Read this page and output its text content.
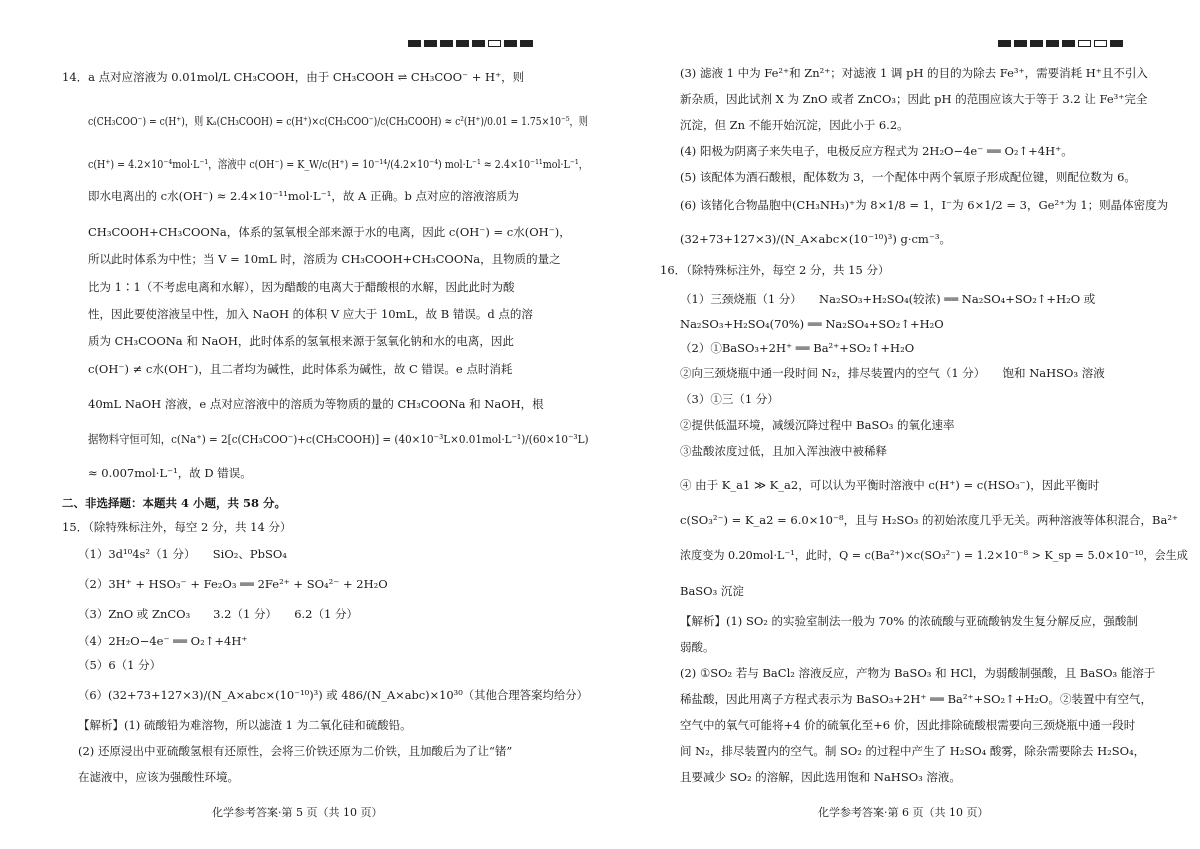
14．a 点对应溶液为 0.01mol/L CH₃COOH，由于 CH₃COOH ⇌ CH₃COO⁻ + H⁺，则
c(CH₃COO⁻) = c(H⁺)，则 Kₐ(CH₃COOH) = c(H⁺)×c(CH₃COO⁻)/c(CH₃COOH) ≈ c²(H⁺)/0.01 = 1.75×10⁻⁵，则
c(H⁺) = 4.2×10⁻⁴mol·L⁻¹，溶液中 c(OH⁻) = K_W/c(H⁺) = 10⁻¹⁴/(4.2×10⁻⁴) mol·L⁻¹ ≈ 2.4×10⁻¹¹mol·L⁻¹，
即水电离出的 c水(OH⁻) ≈ 2.4×10⁻¹¹mol·L⁻¹，故 A 正确。b 点对应的溶液溶质为
CH₃COOH+CH₃COONa，体系的氢氧根全部来源于水的电离，因此 c(OH⁻) = c水(OH⁻)，
所以此时体系为中性；当 V = 10mL 时，溶质为 CH₃COOH+CH₃COONa，且物质的量之
比为 1∶1（不考虑电离和水解），因为醋酸的电离大于醋酸根的水解，因此此时为酸
性，因此要使溶液呈中性，加入 NaOH 的体积 V 应大于 10mL，故 B 错误。d 点的溶
质为 CH₃COONa 和 NaOH，此时体系的氢氧根来源于氢氧化钠和水的电离，因此
c(OH⁻) ≠ c水(OH⁻)，且二者均为碱性，此时体系为碱性，故 C 错误。e 点时消耗
40mL NaOH 溶液，e 点对应溶液中的溶质为等物质的量的 CH₃COONa 和 NaOH，根
据物料守恒可知，c(Na⁺) = 2[c(CH₃COO⁻)+c(CH₃COOH)] = (40×10⁻³L×0.01mol·L⁻¹)/(60×10⁻³L)
≈ 0.007mol·L⁻¹，故 D 错误。
二、非选择题：本题共 4 小题，共 58 分。
15．（除特殊标注外，每空 2 分，共 14 分）
（1）3d¹⁰4s²（1 分）　　SiO₂、PbSO₄
（2）3H⁺ + HSO₃⁻ + Fe₂O₃ ══ 2Fe²⁺ + SO₄²⁻ + 2H₂O
（3）ZnO 或 ZnCO₃　　3.2（1 分）　　6.2（1 分）
（4）2H₂O−4e⁻ ══ O₂↑+4H⁺
（5）6（1 分）
（6）(32+73+127×3)/(N_A×abc×(10⁻¹⁰)³) 或 486/(N_A×abc)×10³⁰（其他合理答案均给分）
【解析】(1) 硫酸铅为难溶物，所以滤渣 1 为二氧化硅和硫酸铅。
(2) 还原浸出中亚硫酸氢根有还原性，会将三价铁还原为二价铁，且加酸后为了让“锗”
在滤液中，应该为强酸性环境。
化学参考答案·第 5 页（共 10 页）
(3) 滤液 1 中为 Fe²⁺和 Zn²⁺；对滤液 1 调 pH 的目的为除去 Fe³⁺，需要消耗 H⁺且不引入
新杂质，因此试剂 X 为 ZnO 或者 ZnCO₃；因此 pH 的范围应该大于等于 3.2 让 Fe³⁺完全
沉淀，但 Zn 不能开始沉淀，因此小于 6.2。
(4) 阳极为阴离子来失电子，电极反应方程式为 2H₂O−4e⁻ ══ O₂↑+4H⁺。
(5) 该配体为酒石酸根，配体数为 3，一个配体中两个氧原子形成配位键，则配位数为 6。
(6) 该锗化合物晶胞中(CH₃NH₃)⁺为 8×1/8 = 1，I⁻为 6×1/2 = 3，Ge²⁺为 1；则晶体密度为
(32+73+127×3)/(N_A×abc×(10⁻¹⁰)³) g·cm⁻³。
16．（除特殊标注外，每空 2 分，共 15 分）
（1）三颈烧瓶（1 分）　　Na₂SO₃+H₂SO₄(较浓) ══ Na₂SO₄+SO₂↑+H₂O 或
Na₂SO₃+H₂SO₄(70%) ══ Na₂SO₄+SO₂↑+H₂O
（2）①BaSO₃+2H⁺ ══ Ba²⁺+SO₂↑+H₂O
②向三颈烧瓶中通一段时间 N₂，排尽装置内的空气（1 分）　　饱和 NaHSO₃ 溶液
（3）①三（1 分）
②提供低温环境，减缓沉降过程中 BaSO₃ 的氧化速率
③盐酸浓度过低，且加入浑浊液中被稀释
④ 由于 K_a1 ≫ K_a2，可以认为平衡时溶液中 c(H⁺) = c(HSO₃⁻)，因此平衡时
c(SO₃²⁻) = K_a2 = 6.0×10⁻⁸，且与 H₂SO₃ 的初始浓度几乎无关。两种溶液等体积混合，Ba²⁺
浓度变为 0.20mol·L⁻¹，此时，Q = c(Ba²⁺)×c(SO₃²⁻) = 1.2×10⁻⁸ > K_sp = 5.0×10⁻¹⁰，会生成
BaSO₃ 沉淀
【解析】(1) SO₂ 的实验室制法一般为 70% 的浓硫酸与亚硫酸钠发生复分解反应，强酸制
弱酸。
(2) ①SO₂ 若与 BaCl₂ 溶液反应，产物为 BaSO₃ 和 HCl，为弱酸制强酸，且 BaSO₃ 能溶于
稀盐酸，因此用离子方程式表示为 BaSO₃+2H⁺ ══ Ba²⁺+SO₂↑+H₂O。②装置中有空气，
空气中的氧气可能将+4 价的硫氧化至+6 价，因此排除硫酸根需要向三颈烧瓶中通一段时
间 N₂，排尽装置内的空气。制 SO₂ 的过程中产生了 H₂SO₄ 酸雾，除杂需要除去 H₂SO₄，
且要减少 SO₂ 的溶解，因此选用饱和 NaHSO₃ 溶液。
化学参考答案·第 6 页（共 10 页）
